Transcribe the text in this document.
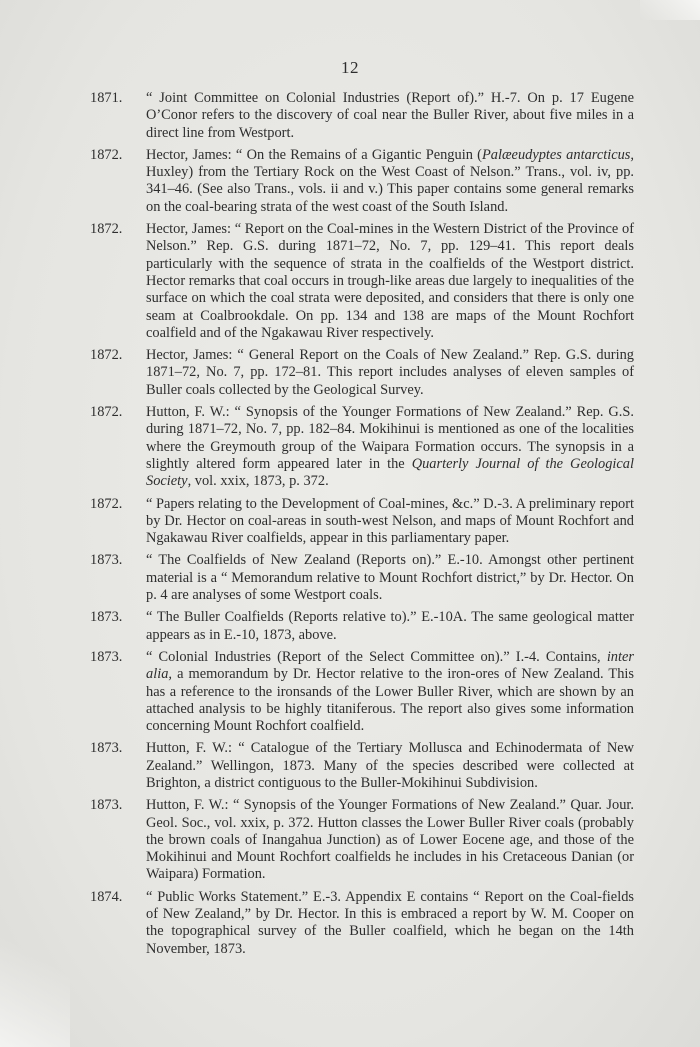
12
1871.	“ Joint Committee on Colonial Industries (Report of).” H.-7. On p. 17 Eugene O’Conor refers to the discovery of coal near the Buller River, about five miles in a direct line from Westport.
1872.	Hector, James: “ On the Remains of a Gigantic Penguin (Palæeudyptes antarcticus, Huxley) from the Tertiary Rock on the West Coast of Nelson.” Trans., vol. iv, pp. 341–46. (See also Trans., vols. ii and v.) This paper contains some general remarks on the coal-bearing strata of the west coast of the South Island.
1872.	Hector, James: “ Report on the Coal-mines in the Western District of the Province of Nelson.” Rep. G.S. during 1871–72, No. 7, pp. 129–41. This report deals particularly with the sequence of strata in the coalfields of the Westport district. Hector remarks that coal occurs in trough-like areas due largely to inequalities of the surface on which the coal strata were deposited, and considers that there is only one seam at Coalbrookdale. On pp. 134 and 138 are maps of the Mount Rochfort coalfield and of the Ngakawau River respectively.
1872.	Hector, James: “ General Report on the Coals of New Zealand.” Rep. G.S. during 1871–72, No. 7, pp. 172–81. This report includes analyses of eleven samples of Buller coals collected by the Geological Survey.
1872.	Hutton, F. W.: “ Synopsis of the Younger Formations of New Zealand.” Rep. G.S. during 1871–72, No. 7, pp. 182–84. Mokihinui is mentioned as one of the localities where the Greymouth group of the Waipara Formation occurs. The synopsis in a slightly altered form appeared later in the Quarterly Journal of the Geological Society, vol. xxix, 1873, p. 372.
1872.	“ Papers relating to the Development of Coal-mines, &c.” D.-3. A preliminary report by Dr. Hector on coal-areas in south-west Nelson, and maps of Mount Rochfort and Ngakawau River coalfields, appear in this parliamentary paper.
1873.	“ The Coalfields of New Zealand (Reports on).” E.-10. Amongst other pertinent material is a “ Memorandum relative to Mount Rochfort district,” by Dr. Hector. On p. 4 are analyses of some Westport coals.
1873.	“ The Buller Coalfields (Reports relative to).” E.-10A. The same geological matter appears as in E.-10, 1873, above.
1873.	“ Colonial Industries (Report of the Select Committee on).” I.-4. Contains, inter alia, a memorandum by Dr. Hector relative to the iron-ores of New Zealand. This has a reference to the ironsands of the Lower Buller River, which are shown by an attached analysis to be highly titaniferous. The report also gives some information concerning Mount Rochfort coalfield.
1873.	Hutton, F. W.: “ Catalogue of the Tertiary Mollusca and Echinodermata of New Zealand.” Wellingon, 1873. Many of the species described were collected at Brighton, a district contiguous to the Buller-Mokihinui Subdivision.
1873.	Hutton, F. W.: “ Synopsis of the Younger Formations of New Zealand.” Quar. Jour. Geol. Soc., vol. xxix, p. 372. Hutton classes the Lower Buller River coals (probably the brown coals of Inangahua Junction) as of Lower Eocene age, and those of the Mokihinui and Mount Rochfort coalfields he includes in his Cretaceous Danian (or Waipara) Formation.
1874.	“ Public Works Statement.” E.-3. Appendix E contains “ Report on the Coal-fields of New Zealand,” by Dr. Hector. In this is embraced a report by W. M. Cooper on the topographical survey of the Buller coalfield, which he began on the 14th November, 1873.
